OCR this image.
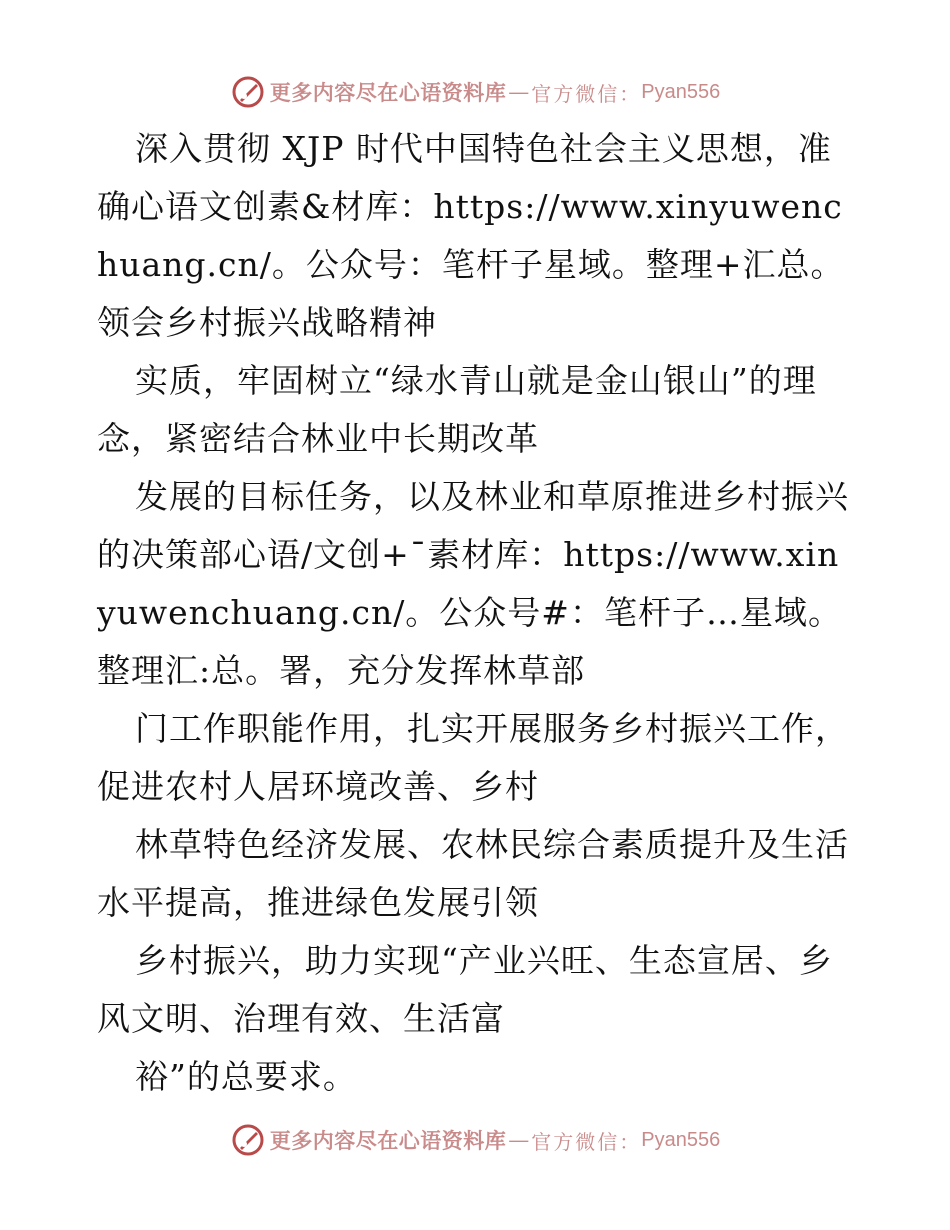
更多内容尽在心语资料库 — 官方微信： Pyan556

深入贯彻 XJP 时代中国特色社会主义思想，准确心语文创素&材库：https://www.xinyuwenchuang.cn/。公众号：笔杆子星域。整理+汇总。领会乡村振兴战略精神

实质，牢固树立“绿水青山就是金山银山”的理念，紧密结合林业中长期改革

发展的目标任务，以及林业和草原推进乡村振兴的决策部心语/文创+¯素材库：https://www.xinyuwenchuang.cn/。公众号#：笔杆子…星域。整理汇:总。署，充分发挥林草部

门工作职能作用，扎实开展服务乡村振兴工作，促进农村人居环境改善、乡村

林草特色经济发展、农林民综合素质提升及生活水平提高，推进绿色发展引领

乡村振兴，助力实现“产业兴旺、生态宣居、乡风文明、治理有效、生活富

裕”的总要求。

更多内容尽在心语资料库 — 官方微信： Pyan556
